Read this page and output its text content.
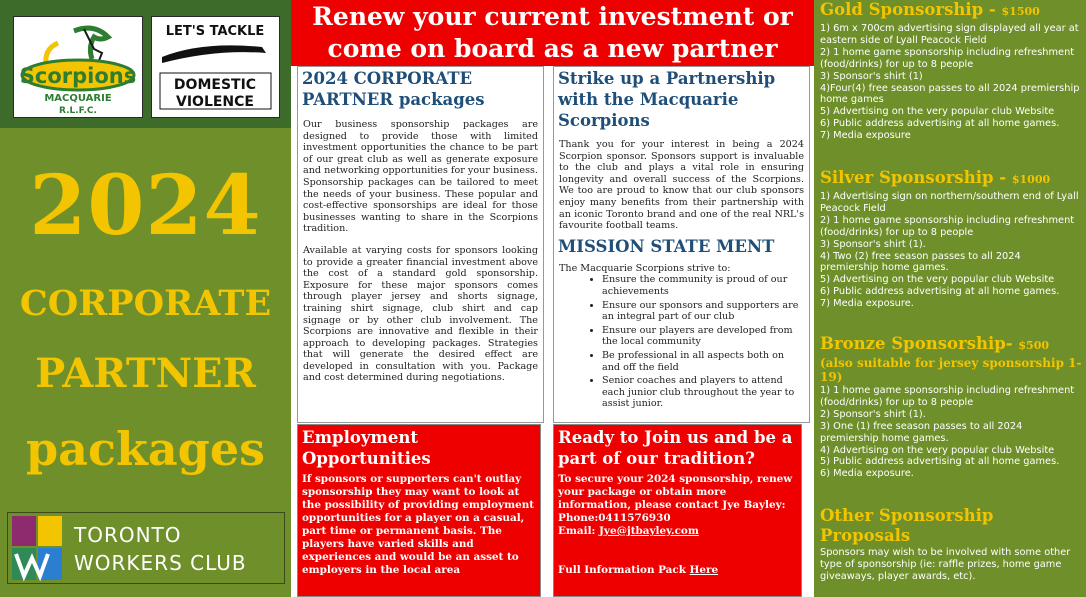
Scorpions
MACQUARIE
R.L.F.C.
LET'S TACKLE
DOMESTIC
VIOLENCE
2024
CORPORATE
PARTNER
packages
TORONTO
WORKERS CLUB
Renew your current investment or
come on board as a new partner
2024 CORPORATE PARTNER packages

Our business sponsorship packages are designed to provide those with limited investment opportunities the chance to be part of our great club as well as generate exposure and networking opportunities for your business. Sponsorship packages can be tailored to meet the needs of your business. These popular and cost-effective sponsorships are ideal for those businesses wanting to share in the Scorpions tradition.

Available at varying costs for sponsors looking to provide a greater financial investment above the cost of a standard gold sponsorship. Exposure for these major sponsors comes through player jersey and shorts signage, training shirt signage, club shirt and cap signage or by other club involvement. The Scorpions are innovative and flexible in their approach to developing packages. Strategies that will generate the desired effect are developed in consultation with you. Package and cost determined during negotiations.

Strike up a Partnership with the Macquarie Scorpions

Thank you for your interest in being a 2024 Scorpion sponsor. Sponsors support is invaluable to the club and plays a vital role in ensuring longevity and overall success of the Scorpions. We too are proud to know that our club sponsors enjoy many benefits from their partnership with an iconic Toronto brand and one of the real NRL's favourite football teams.

MISSION STATE MENT

The Macquarie Scorpions strive to:

• Ensure the community is proud of our achievements
• Ensure our sponsors and supporters are an integral part of our club
• Ensure our players are developed from the local community
• Be professional in all aspects both on and off the field
• Senior coaches and players to attend each junior club throughout the year to assist junior.
Employment Opportunities

If sponsors or supporters can't outlay sponsorship they may want to look at the possibility of providing employment opportunities for a player on a casual, part time or permanent basis. The players have varied skills and experiences and would be an asset to employers in the local area

Ready to Join us and be a part of our tradition?

To secure your 2024 sponsorship, renew your package or obtain more information, please contact Jye Bayley:

Phone:0411576930

Email: Jye@jtbayley.com

Full Information Pack Here

Gold Sponsorship - $1500
1) 6m x 700cm advertising sign displayed all year at eastern side of Lyall Peacock Field
2) 1 home game sponsorship including refreshment (food/drinks) for up to 8 people
3) Sponsor's shirt (1)
4)Four(4) free season passes to all 2024 premiership home games
5) Advertising on the very popular club Website
6) Public address advertising at all home games.
7) Media exposure
Silver Sponsorship - $1000
1) Advertising sign on northern/southern end of Lyall Peacock Field
2) 1 home game sponsorship including refreshment (food/drinks) for up to 8 people
3) Sponsor's shirt (1).
4) Two (2) free season passes to all 2024 premiership home games.
5) Advertising on the very popular club Website
6) Public address advertising at all home games.
7) Media exposure.
Bronze Sponsorship- $500
(also suitable for jersey sponsorship 1-19)
1) 1 home game sponsorship including refreshment (food/drinks) for up to 8 people
2) Sponsor's shirt (1).
3) One (1) free season passes to all 2024 premiership home games.
4) Advertising on the very popular club Website
5) Public address advertising at all home games.
6) Media exposure.
Other Sponsorship Proposals
Sponsors may wish to be involved with some other type of sponsorship (ie: raffle prizes, home game giveaways, player awards, etc).
